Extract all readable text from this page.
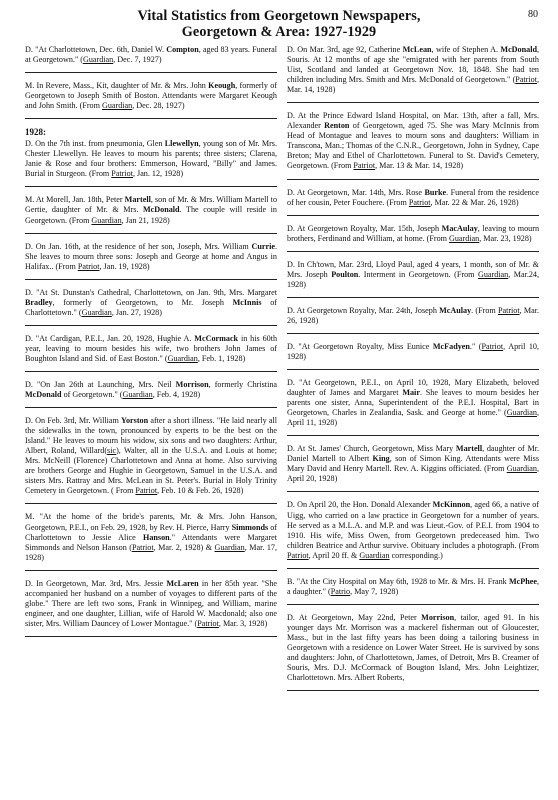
80
Vital Statistics from Georgetown Newspapers,
Georgetown & Area: 1927-1929

D. "At Charlottetown, Dec. 6th, Daniel W. Compton, aged 83 years. Funeral at Georgetown." (Guardian, Dec. 7, 1927)

M. In Revere, Mass., Kit, daughter of Mr. & Mrs. John Keough, formerly of Georgetown to Joseph Smith of Boston. Attendants were Margaret Keough and John Smith. (From Guardian, Dec. 28, 1927)

1928:

D. On the 7th inst. from pneumonia, Glen Llewellyn, young son of Mr. Mrs. Chester Llewellyn. He leaves to mourn his parents; three sisters; Clarena, Janie & Rose and four brothers: Emmerson, Howard, "Billy" and James. Burial in Sturgeon. (From Patriot, Jan. 12, 1928)

M. At Morell, Jan. 18th, Peter Martell, son of Mr. & Mrs. William Martell to Gertie, daughter of Mr. & Mrs. McDonald. The couple will reside in Georgetown. (From Guardian, Jan 21, 1928)

D. On Jan. 16th, at the residence of her son, Joseph, Mrs. William Currie. She leaves to mourn three sons: Joseph and George at home and Angus in Halifax.. (From Patriot, Jan. 19, 1928)

D. "At St. Dunstan's Cathedral, Charlottetown, on Jan. 9th, Mrs. Margaret Bradley, formerly of Georgetown, to Mr. Joseph McInnis of Charlottetown." (Guardian, Jan. 27, 1928)

D. "At Cardigan, P.E.I., Jan. 20, 1928, Hughie A. McCormack in his 60th year, leaving to mourn besides his wife, two brothers John James of Boughton Island and Sid. of East Boston." (Guardian, Feb. 1, 1928)

D. "On Jan 26th at Launching, Mrs. Neil Morrison, formerly Christina McDonald of Georgetown." (Guardian, Feb. 4, 1928)

D. On Feb. 3rd, Mr. William Yorston after a short illness. "He laid nearly all the sidewalks in the town, pronounced by experts to be the best on the Island." He leaves to mourn his widow, six sons and two daughters: Arthur, Albert, Roland, Willard(sic), Walter, all in the U.S.A. and Louis at home; Mrs. McNeill (Florence) Charlottetown and Anna at home. Also surviving are brothers George and Hughie in Georgetown, Samuel in the U.S.A. and sisters Mrs. Rattray and Mrs. McLean in St. Peter's. Burial in Holy Trinity Cemetery in Georgetown. ( From Patriot, Feb. 10 & Feb. 26, 1928)

M. "At the home of the bride's parents, Mr. & Mrs. John Hanson, Georgetown, P.E.I., on Feb. 29, 1928, by Rev. H. Pierce, Harry Simmonds of Charlottetown to Jessie Alice Hanson." Attendants were Margaret Simmonds and Nelson Hanson (Patriot, Mar. 2, 1928) & Guardian, Mar. 17, 1928)

D. In Georgetown, Mar. 3rd, Mrs. Jessie McLaren in her 85th year. "She accompanied her husband on a number of voyages to different parts of the globe." There are left two sons, Frank in Winnipeg, and William, marine engineer, and one daughter, Lillian, wife of Harold W. Macdonald; also one sister, Mrs. William Dauncey of Lower Montague." (Patriot, Mar. 3, 1928)

D. On Mar. 3rd, age 92, Catherine McLean, wife of Stephen A. McDonald, Souris. At 12 months of age she "emigrated with her parents from South Uist, Scotland and landed at Georgetown Nov. 18, 1848. She had ten children including Mrs. Smith and Mrs. McDonald of Georgetown." (Patriot, Mar. 14, 1928)

D. At the Prince Edward Island Hospital, on Mar. 13th, after a fall, Mrs. Alexander Renton of Georgetown, aged 75. She was Mary McInnis from Head of Montague and leaves to mourn sons and daughters: William in Transcona, Man.; Thomas of the C.N.R., Georgetown, John in Sydney, Cape Breton; May and Ethel of Charlottetown. Funeral to St. David's Cemetery, Georgetown. (From Patriot, Mar. 13 & Mar. 14, 1928)

D. At Georgetown, Mar. 14th, Mrs. Rose Burke. Funeral from the residence of her cousin, Peter Fouchere. (From Patriot, Mar. 22 & Mar. 26, 1928)

D. At Georgetown Royalty, Mar. 15th, Joseph MacAulay, leaving to mourn brothers, Ferdinand and William, at home. (From Guardian, Mar. 23, 1928)

D. In Ch'town, Mar. 23rd, Lloyd Paul, aged 4 years, 1 month, son of Mr. & Mrs. Joseph Poulton. Interment in Georgetown. (From Guardian, Mar.24, 1928)

D. At Georgetown Royalty, Mar. 24th, Joseph McAulay. (From Patriot, Mar. 26, 1928)

D. "At Georgetown Royalty, Miss Eunice McFadyen." (Patriot, April 10, 1928)

D. "At Georgetown, P.E.I., on April 10, 1928, Mary Elizabeth, beloved daughter of James and Margaret Mair. She leaves to mourn besides her parents one sister, Anna, Superintendent of the P.E.I. Hospital, Bart in Georgetown, Charles in Zealandia, Sask. and George at home." (Guardian, April 11, 1928)

D. At St. James' Church, Georgetown, Miss Mary Martell, daughter of Mr. Daniel Martell to Albert King, son of Simon King. Attendants were Miss Mary David and Henry Martell. Rev. A. Kiggins officiated. (From Guardian, April 20, 1928)

D. On April 20, the Hon. Donald Alexander McKinnon, aged 66, a native of Uigg, who carried on a law practice in Georgetown for a number of years. He served as a M.L.A. and M.P. and was Lieut.-Gov. of P.E.I. from 1904 to 1910. His wife, Miss Owen, from Georgetown predeceased him. Two children Beatrice and Arthur survive. Obituary includes a photograph. (From Patriot, April 20 ff. & Guardian corresponding.)

B. "At the City Hospital on May 6th, 1928 to Mr. & Mrs. H. Frank McPhee, a daughter." (Patrio, May 7, 1928)

D. At Georgetown, May 22nd, Peter Morrison, tailor, aged 91. In his younger days Mr. Morrison was a mackerel fisherman out of Gloucester, Mass., but in the last fifty years has been doing a tailoring business in Georgetown with a residence on Lower Water Street. He is survived by sons and daughters: John, of Charlottetown, James, of Detroit, Mrs B. Creamer of Souris, Mrs. D.J. McCormack of Bougton Island, Mrs. John Leightizer, Charlottetown. Mrs. Albert Roberts,
